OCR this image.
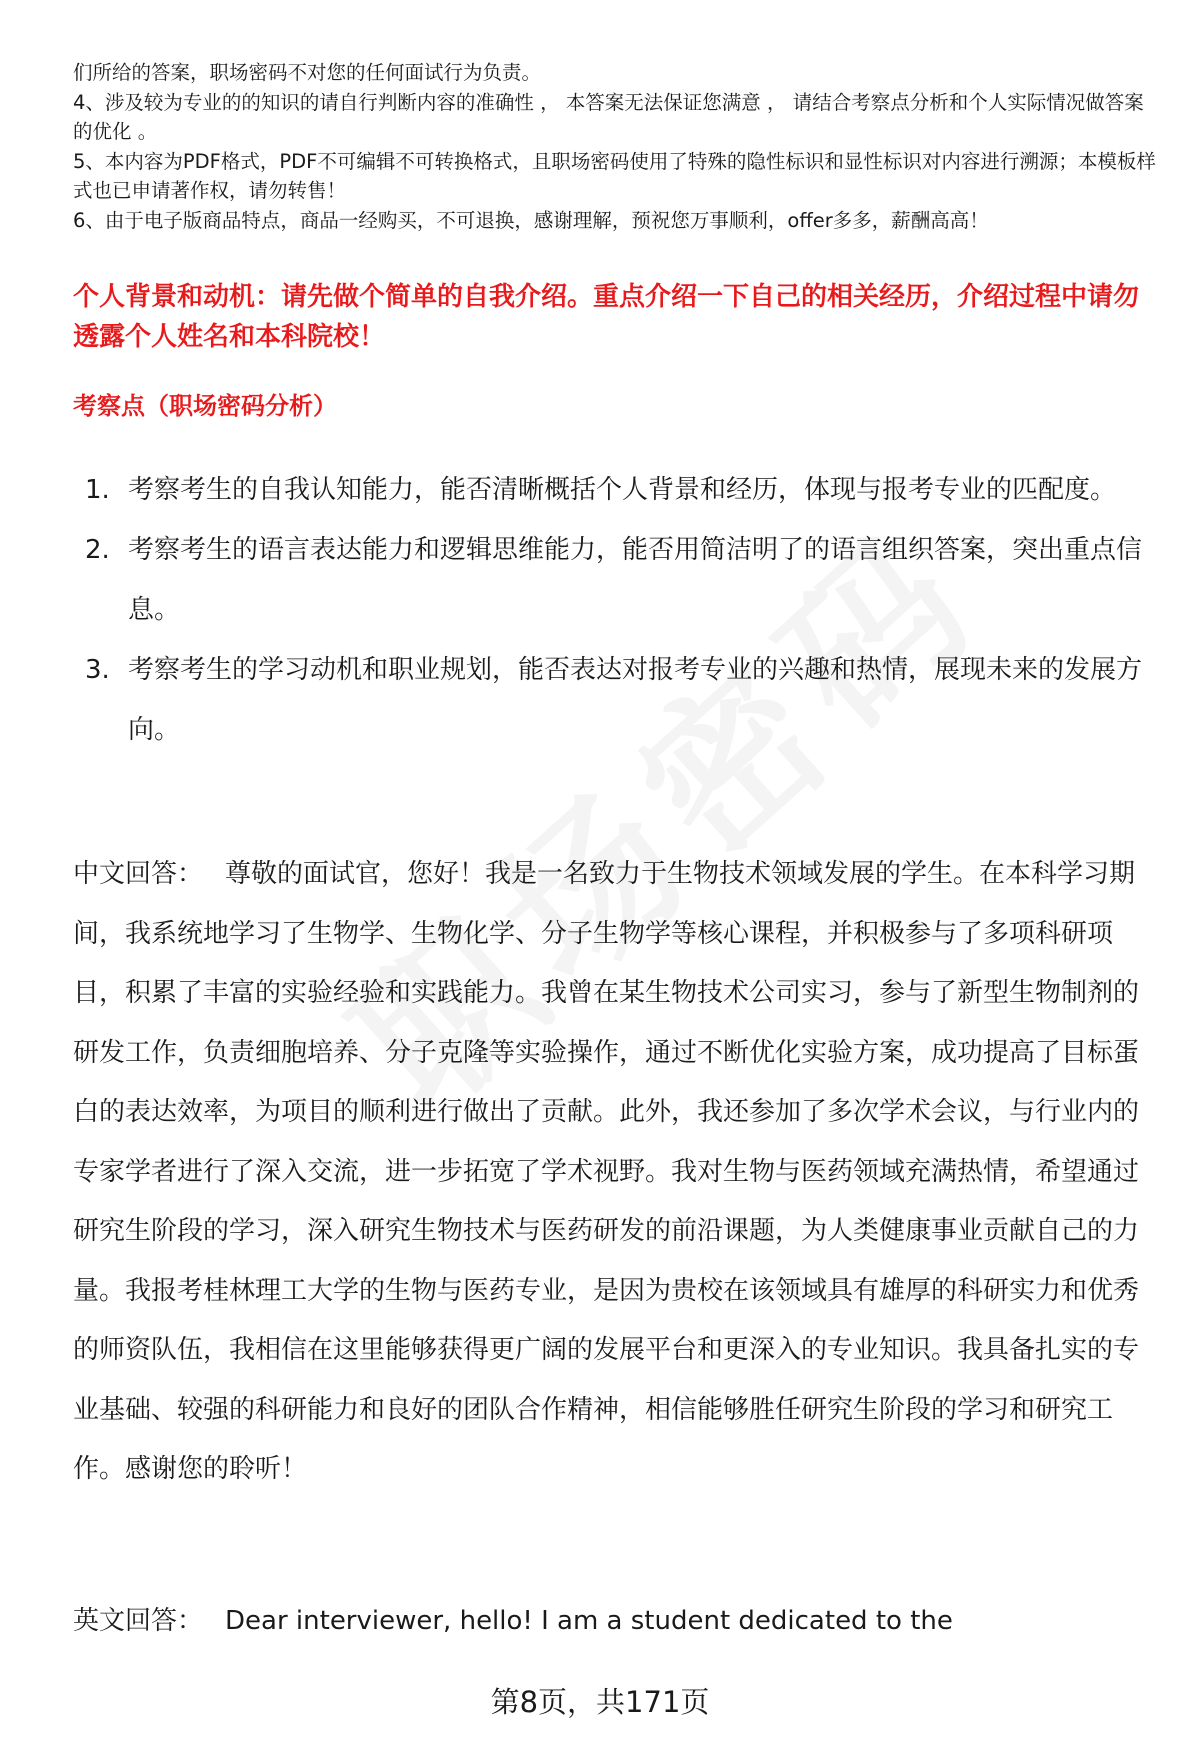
们所给的答案，职场密码不对您的任何面试行为负责。

4、涉及较为专业的的知识的请自行判断内容的准确性 ， 本答案无法保证您满意 ， 请结合考察点分析和个人实际情况做答案的优化 。

5、本内容为PDF格式，PDF不可编辑不可转换格式，且职场密码使用了特殊的隐性标识和显性标识对内容进行溯源；本模板样式也已申请著作权，请勿转售！

6、由于电子版商品特点，商品一经购买，不可退换，感谢理解，预祝您万事顺利，offer多多，薪酬高高！

个人背景和动机：请先做个简单的自我介绍。重点介绍一下自己的相关经历，介绍过程中请勿透露个人姓名和本科院校！
考察点（职场密码分析）
1. 考察考生的自我认知能力，能否清晰概括个人背景和经历，体现与报考专业的匹配度。
2. 考察考生的语言表达能力和逻辑思维能力，能否用简洁明了的语言组织答案，突出重点信息。
3. 考察考生的学习动机和职业规划，能否表达对报考专业的兴趣和热情，展现未来的发展方向。

中文回答： 尊敬的面试官，您好！我是一名致力于生物技术领域发展的学生。在本科学习期间，我系统地学习了生物学、生物化学、分子生物学等核心课程，并积极参与了多项科研项目，积累了丰富的实验经验和实践能力。我曾在某生物技术公司实习，参与了新型生物制剂的研发工作，负责细胞培养、分子克隆等实验操作，通过不断优化实验方案，成功提高了目标蛋白的表达效率，为项目的顺利进行做出了贡献。此外，我还参加了多次学术会议，与行业内的专家学者进行了深入交流，进一步拓宽了学术视野。我对生物与医药领域充满热情，希望通过研究生阶段的学习，深入研究生物技术与医药研发的前沿课题，为人类健康事业贡献自己的力量。我报考桂林理工大学的生物与医药专业，是因为贵校在该领域具有雄厚的科研实力和优秀的师资队伍，我相信在这里能够获得更广阔的发展平台和更深入的专业知识。我具备扎实的专业基础、较强的科研能力和良好的团队合作精神，相信能够胜任研究生阶段的学习和研究工作。感谢您的聆听！

英文回答： Dear interviewer, hello! I am a student dedicated to the

第8页，共171页
